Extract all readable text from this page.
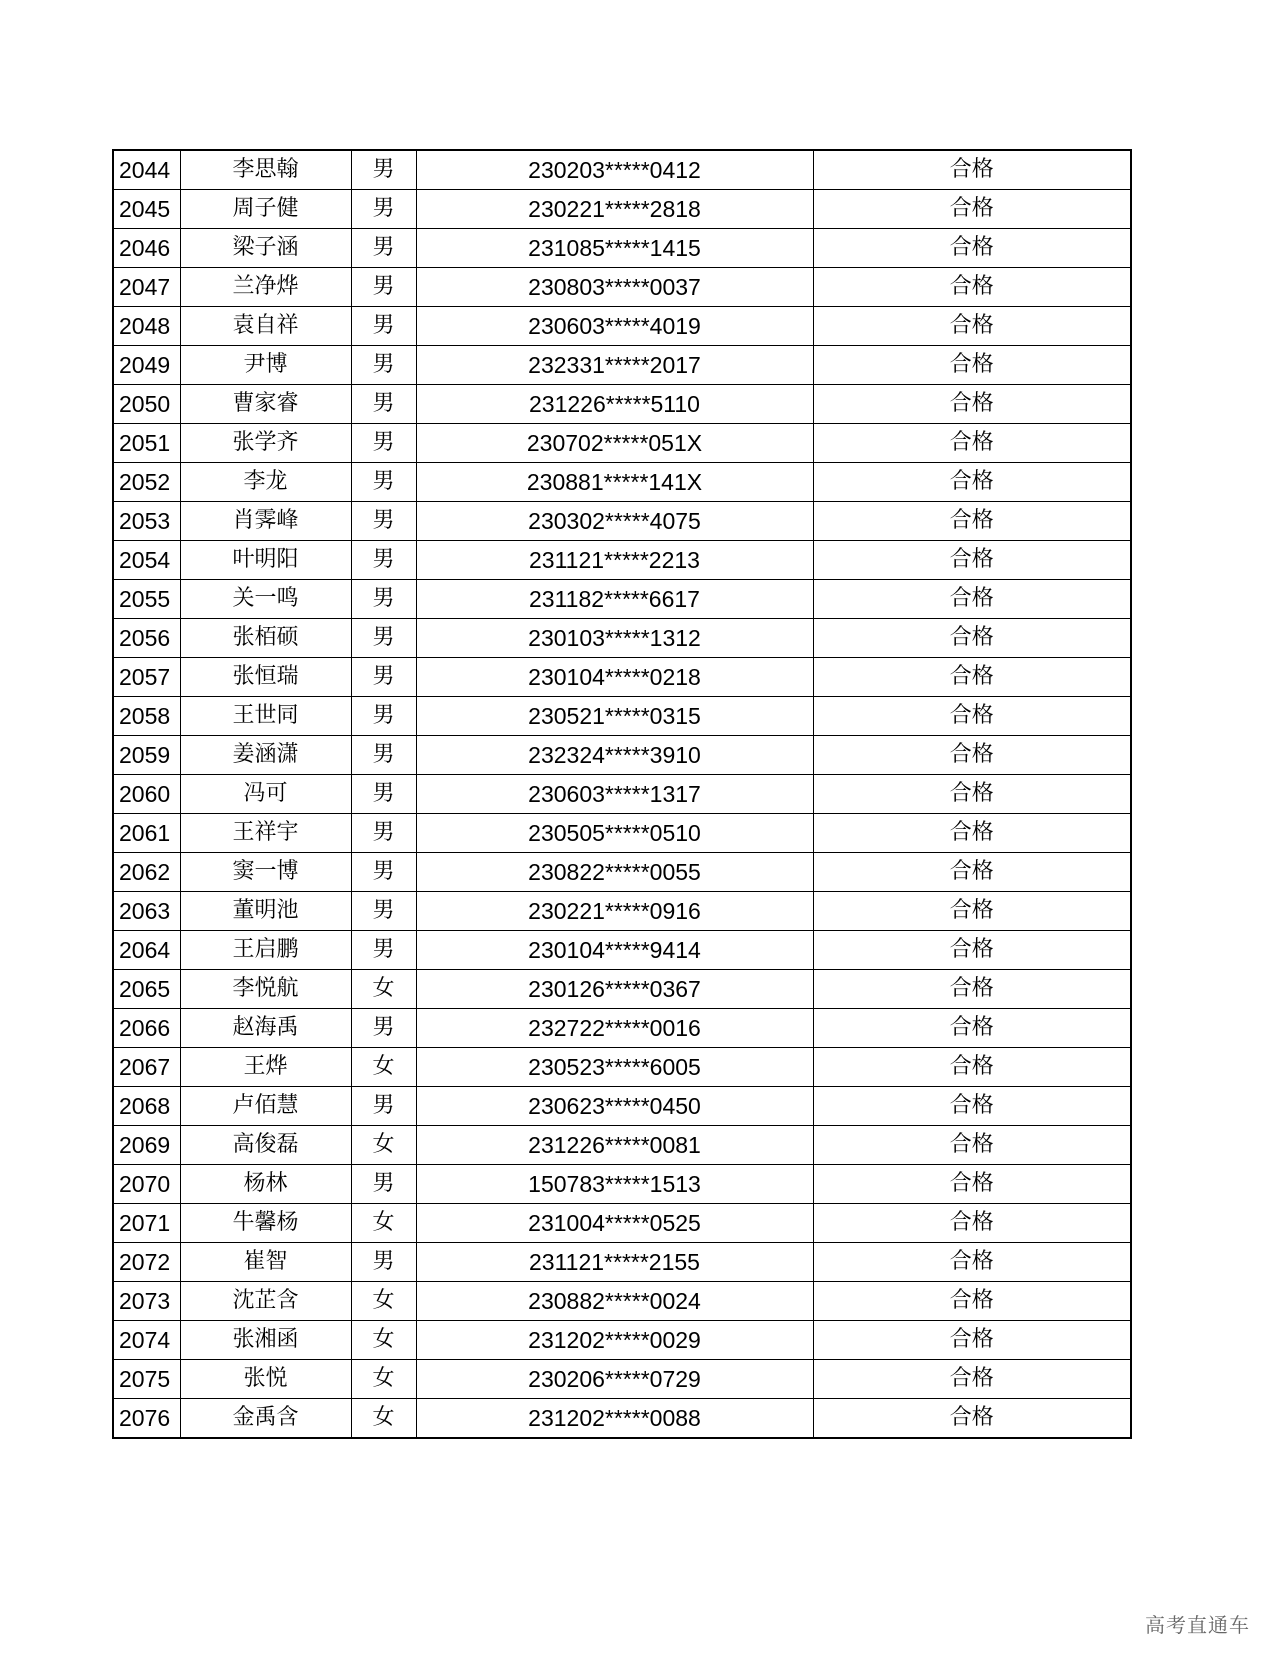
2044	李思翰	男	230203*****0412	合格
2045	周子健	男	230221*****2818	合格
2046	梁子涵	男	231085*****1415	合格
2047	兰净烨	男	230803*****0037	合格
2048	袁自祥	男	230603*****4019	合格
2049	尹博	男	232331*****2017	合格
2050	曹家睿	男	231226*****5110	合格
2051	张学齐	男	230702*****051X	合格
2052	李龙	男	230881*****141X	合格
2053	肖霁峰	男	230302*****4075	合格
2054	叶明阳	男	231121*****2213	合格
2055	关一鸣	男	231182*****6617	合格
2056	张栢硕	男	230103*****1312	合格
2057	张恒瑞	男	230104*****0218	合格
2058	王世同	男	230521*****0315	合格
2059	姜涵潇	男	232324*****3910	合格
2060	冯可	男	230603*****1317	合格
2061	王祥宇	男	230505*****0510	合格
2062	窦一博	男	230822*****0055	合格
2063	董明池	男	230221*****0916	合格
2064	王启鹏	男	230104*****9414	合格
2065	李悦航	女	230126*****0367	合格
2066	赵海禹	男	232722*****0016	合格
2067	王烨	女	230523*****6005	合格
2068	卢佰慧	男	230623*****0450	合格
2069	高俊磊	女	231226*****0081	合格
2070	杨林	男	150783*****1513	合格
2071	牛馨杨	女	231004*****0525	合格
2072	崔智	男	231121*****2155	合格
2073	沈芷含	女	230882*****0024	合格
2074	张湘函	女	231202*****0029	合格
2075	张悦	女	230206*****0729	合格
2076	金禹含	女	231202*****0088	合格
高考直通车
